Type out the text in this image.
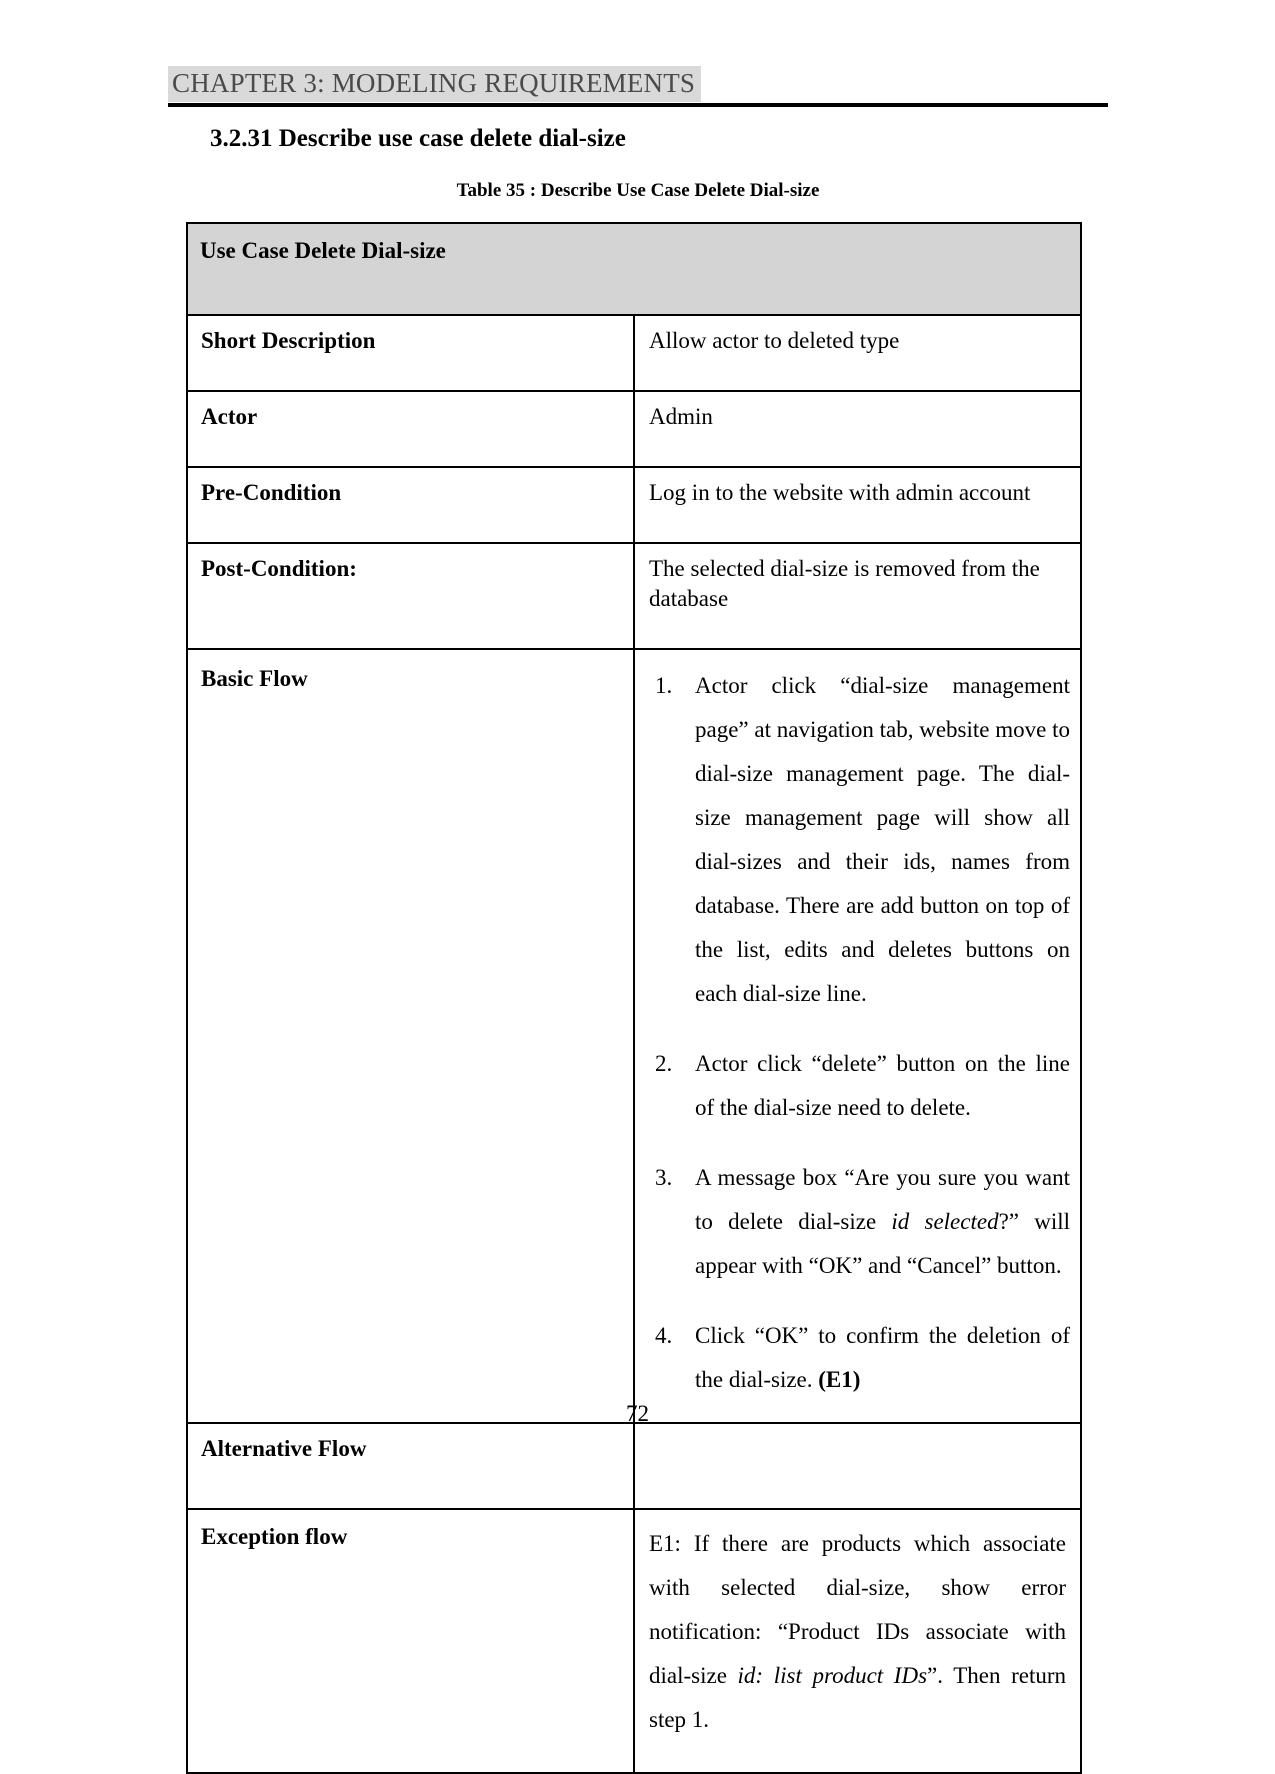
CHAPTER 3: MODELING REQUIREMENTS
3.2.31 Describe use case delete dial-size
Table 35 : Describe Use Case Delete Dial-size
Use Case Delete Dial-size	
Short Description	Allow actor to deleted type
Actor	Admin
Pre-Condition	Log in to the website with admin account
Post-Condition:	The selected dial-size is removed from the database
Basic Flow	1. Actor click “dial-size management page” at navigation tab, website move to dial-size management page. The dial-size management page will show all dial-sizes and their ids, names from database. There are add button on top of the list, edits and deletes buttons on each dial-size line.
2. Actor click “delete” button on the line of the dial-size need to delete.
3. A message box “Are you sure you want to delete dial-size id selected?” will appear with “OK” and “Cancel” button.
4. Click “OK” to confirm the deletion of the dial-size. (E1)

Alternative Flow	
Exception flow	E1: If there are products which associate with selected dial-size, show error notification: “Product IDs associate with dial-size id: list product IDs”. Then return step 1.
72
